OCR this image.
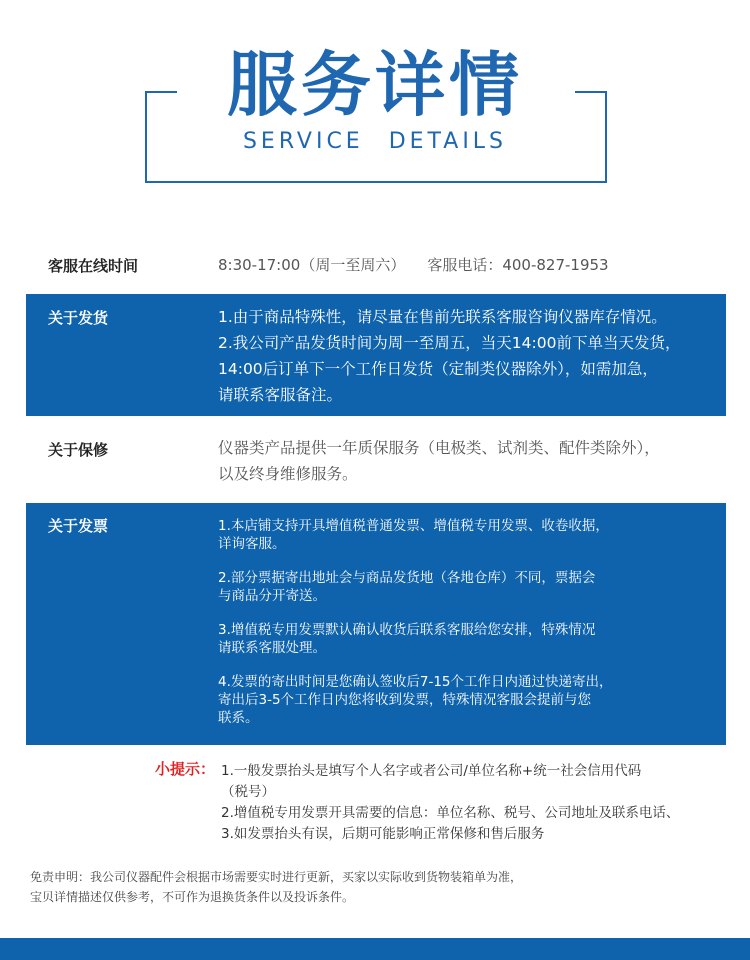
服务详情
SERVICE DETAILS
客服在线时间	8:30-17:00（周一至周六） 客服电话：400-827-1953
关于发货	1.由于商品特殊性，请尽量在售前先联系客服咨询仪器库存情况。
2.我公司产品发货时间为周一至周五，当天14:00前下单当天发货，
14:00后订单下一个工作日发货（定制类仪器除外），如需加急，
请联系客服备注。
关于保修	仪器类产品提供一年质保服务（电极类、试剂类、配件类除外），
以及终身维修服务。
关于发票	1.本店铺支持开具增值税普通发票、增值税专用发票、收卷收据，
详询客服。
2.部分票据寄出地址会与商品发货地（各地仓库）不同，票据会
与商品分开寄送。
3.增值税专用发票默认确认收货后联系客服给您安排，特殊情况
请联系客服处理。
4.发票的寄出时间是您确认签收后7-15个工作日内通过快递寄出，
寄出后3-5个工作日内您将收到发票，特殊情况客服会提前与您
联系。
小提示： 1.一般发票抬头是填写个人名字或者公司/单位名称+统一社会信用代码
（税号）
2.增值税专用发票开具需要的信息：单位名称、税号、公司地址及联系电话、
3.如发票抬头有误，后期可能影响正常保修和售后服务
免责申明：我公司仪器配件会根据市场需要实时进行更新，买家以实际收到货物装箱单为准，
宝贝详情描述仅供参考，不可作为退换货条件以及投诉条件。
